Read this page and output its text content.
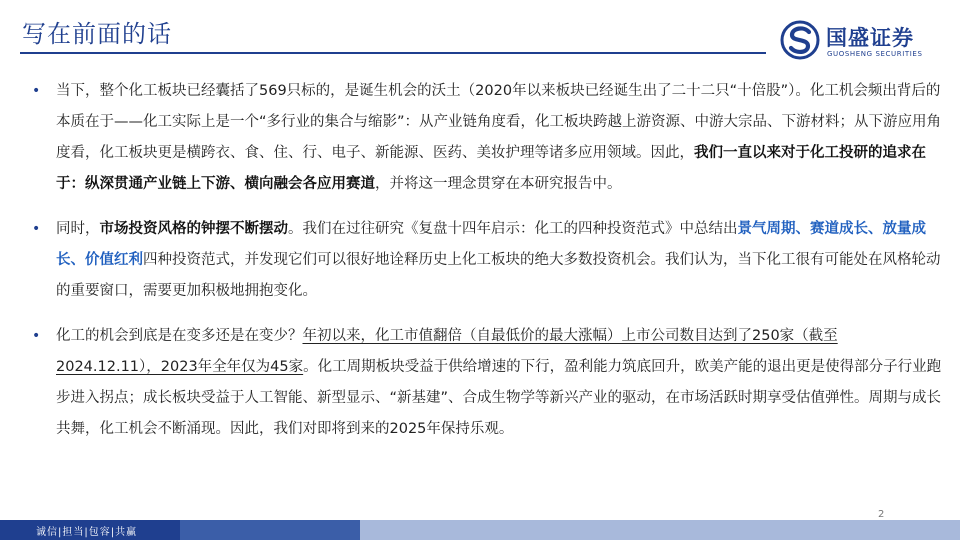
写在前面的话	国盛证券
GUOSHENG SECURITIES
• 当下，整个化工板块已经囊括了569只标的，是诞生机会的沃土（2020年以来板块已经诞生出了二十二只“十倍股”）。化工机会频出背后的本质在于——化工实际上是一个“多行业的集合与缩影”：从产业链角度看，化工板块跨越上游资源、中游大宗品、下游材料；从下游应用角度看，化工板块更是横跨衣、食、住、行、电子、新能源、医药、美妆护理等诸多应用领域。因此，我们一直以来对于化工投研的追求在于：纵深贯通产业链上下游、横向融会各应用赛道，并将这一理念贯穿在本研究报告中。
• 同时，市场投资风格的钟摆不断摆动。我们在过往研究《复盘十四年启示：化工的四种投资范式》中总结出景气周期、赛道成长、放量成长、价值红利四种投资范式，并发现它们可以很好地诠释历史上化工板块的绝大多数投资机会。我们认为，当下化工很有可能处在风格轮动的重要窗口，需要更加积极地拥抱变化。
• 化工的机会到底是在变多还是在变少？年初以来，化工市值翻倍（自最低价的最大涨幅）上市公司数目达到了250家（截至2024.12.11），2023年全年仅为45家。化工周期板块受益于供给增速的下行，盈利能力筑底回升，欧美产能的退出更是使得部分子行业跑步进入拐点；成长板块受益于人工智能、新型显示、“新基建”、合成生物学等新兴产业的驱动，在市场活跃时期享受估值弹性。周期与成长共舞，化工机会不断涌现。因此，我们对即将到来的2025年保持乐观。
2
诚信|担当|包容|共赢
